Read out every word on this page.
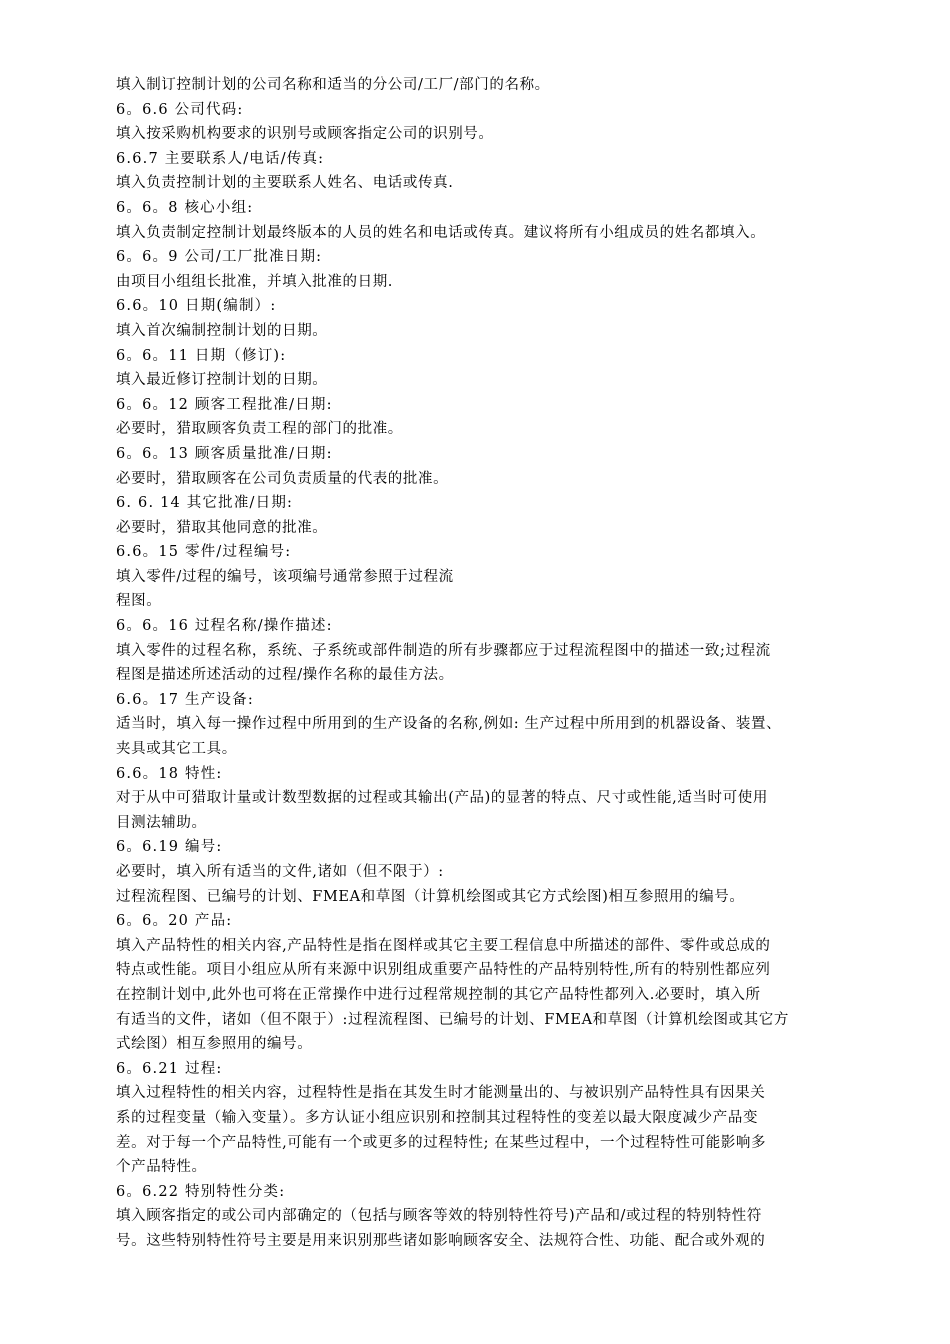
填入制订控制计划的公司名称和适当的分公司/工厂/部门的名称。
6。6.6 公司代码:
填入按采购机构要求的识别号或顾客指定公司的识别号。
6.6.7 主要联系人/电话/传真:
填入负责控制计划的主要联系人姓名、电话或传真.
6。6。8 核心小组:
填入负责制定控制计划最终版本的人员的姓名和电话或传真。建议将所有小组成员的姓名都填入。
6。6。9 公司/工厂批准日期:
由项目小组组长批准，并填入批准的日期.
6.6。10 日期(编制）:
填入首次编制控制计划的日期。
6。6。11 日期（修订):
填入最近修订控制计划的日期。
6。6。12 顾客工程批准/日期:
必要时，猎取顾客负责工程的部门的批准。
6。6。13 顾客质量批准/日期:
必要时，猎取顾客在公司负责质量的代表的批准。
6. 6. 14 其它批准/日期:
必要时，猎取其他同意的批准。
6.6。15 零件/过程编号:
填入零件/过程的编号，该项编号通常参照于过程流
程图。
6。6。16 过程名称/操作描述:
填入零件的过程名称，系统、子系统或部件制造的所有步骤都应于过程流程图中的描述一致;过程流
程图是描述所述活动的过程/操作名称的最佳方法。
6.6。17 生产设备:
适当时，填入每一操作过程中所用到的生产设备的名称,例如: 生产过程中所用到的机器设备、装置、
夹具或其它工具。
6.6。18 特性:
对于从中可猎取计量或计数型数据的过程或其输出(产品)的显著的特点、尺寸或性能,适当时可使用
目测法辅助。
6。6.19 编号:
必要时，填入所有适当的文件,诸如（但不限于）:
过程流程图、已编号的计划、FMEA和草图（计算机绘图或其它方式绘图)相互参照用的编号。
6。6。20 产品:
填入产品特性的相关内容,产品特性是指在图样或其它主要工程信息中所描述的部件、零件或总成的
特点或性能。项目小组应从所有来源中识别组成重要产品特性的产品特别特性,所有的特别性都应列
在控制计划中,此外也可将在正常操作中进行过程常规控制的其它产品特性都列入.必要时，填入所
有适当的文件，诸如（但不限于）:过程流程图、已编号的计划、FMEA和草图（计算机绘图或其它方
式绘图）相互参照用的编号。
6。6.21 过程:
填入过程特性的相关内容，过程特性是指在其发生时才能测量出的、与被识别产品特性具有因果关
系的过程变量（输入变量）。多方认证小组应识别和控制其过程特性的变差以最大限度减少产品变
差。对于每一个产品特性,可能有一个或更多的过程特性; 在某些过程中，一个过程特性可能影响多
个产品特性。
6。6.22 特别特性分类:
填入顾客指定的或公司内部确定的（包括与顾客等效的特别特性符号)产品和/或过程的特别特性符
号。这些特别特性符号主要是用来识别那些诸如影响顾客安全、法规符合性、功能、配合或外观的
